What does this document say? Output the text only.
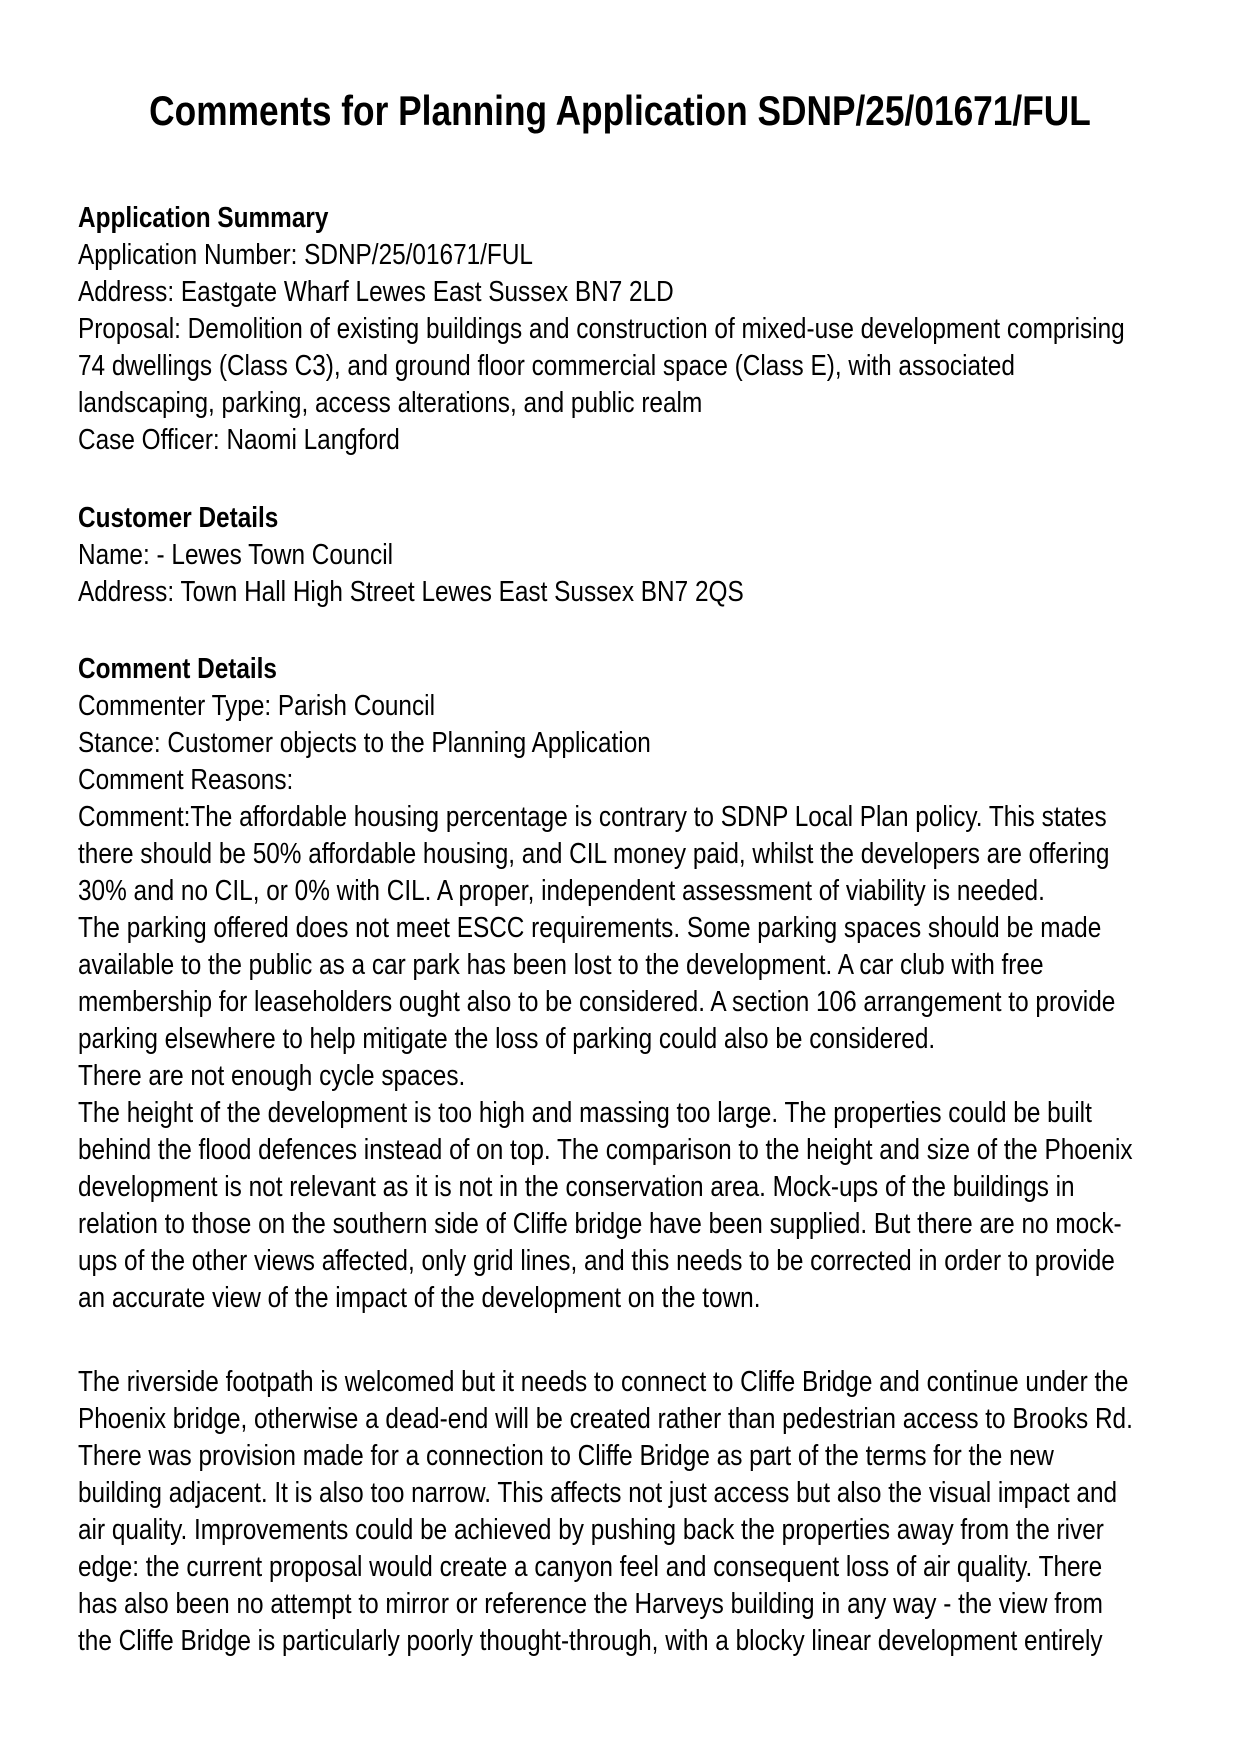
Comments for Planning Application SDNP/25/01671/FUL
Application Summary
Application Number: SDNP/25/01671/FUL
Address: Eastgate Wharf Lewes East Sussex BN7 2LD
Proposal: Demolition of existing buildings and construction of mixed-use development comprising
74 dwellings (Class C3), and ground floor commercial space (Class E), with associated
landscaping, parking, access alterations, and public realm
Case Officer: Naomi Langford
Customer Details
Name: - Lewes Town Council
Address: Town Hall High Street Lewes East Sussex BN7 2QS
Comment Details
Commenter Type: Parish Council
Stance: Customer objects to the Planning Application
Comment Reasons:
Comment:The affordable housing percentage is contrary to SDNP Local Plan policy. This states
there should be 50% affordable housing, and CIL money paid, whilst the developers are offering
30% and no CIL, or 0% with CIL. A proper, independent assessment of viability is needed.
The parking offered does not meet ESCC requirements. Some parking spaces should be made
available to the public as a car park has been lost to the development. A car club with free
membership for leaseholders ought also to be considered. A section 106 arrangement to provide
parking elsewhere to help mitigate the loss of parking could also be considered.
There are not enough cycle spaces.
The height of the development is too high and massing too large. The properties could be built
behind the flood defences instead of on top. The comparison to the height and size of the Phoenix
development is not relevant as it is not in the conservation area. Mock-ups of the buildings in
relation to those on the southern side of Cliffe bridge have been supplied. But there are no mock-
ups of the other views affected, only grid lines, and this needs to be corrected in order to provide
an accurate view of the impact of the development on the town.
The riverside footpath is welcomed but it needs to connect to Cliffe Bridge and continue under the
Phoenix bridge, otherwise a dead-end will be created rather than pedestrian access to Brooks Rd.
There was provision made for a connection to Cliffe Bridge as part of the terms for the new
building adjacent. It is also too narrow. This affects not just access but also the visual impact and
air quality. Improvements could be achieved by pushing back the properties away from the river
edge: the current proposal would create a canyon feel and consequent loss of air quality. There
has also been no attempt to mirror or reference the Harveys building in any way - the view from
the Cliffe Bridge is particularly poorly thought-through, with a blocky linear development entirely
